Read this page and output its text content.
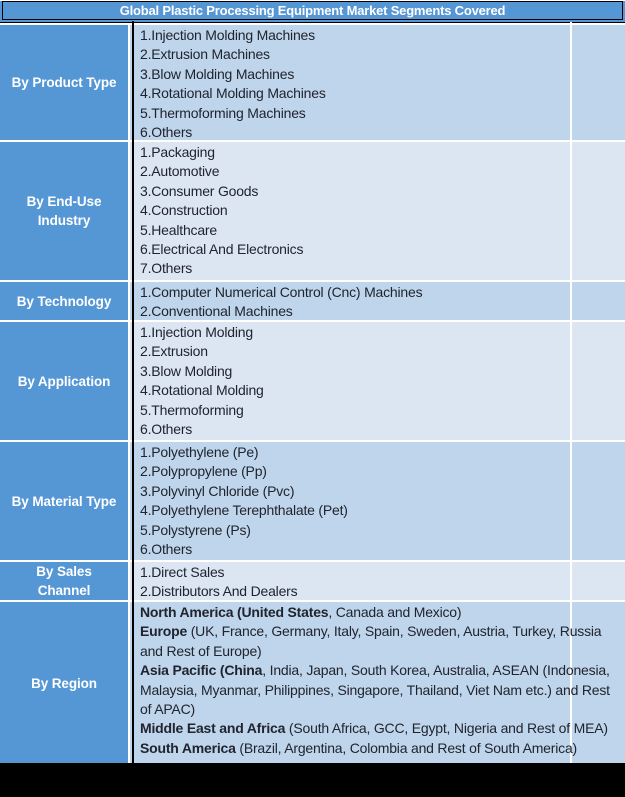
Global Plastic Processing Equipment Market Segments Covered
By Product Type
1.Injection Molding Machines
2.Extrusion Machines
3.Blow Molding Machines
4.Rotational Molding Machines
5.Thermoforming Machines
6.Others
By End-Use Industry
1.Packaging
2.Automotive
3.Consumer Goods
4.Construction
5.Healthcare
6.Electrical And Electronics
7.Others
By Technology
1.Computer Numerical Control (Cnc) Machines
2.Conventional Machines
By Application
1.Injection Molding
2.Extrusion
3.Blow Molding
4.Rotational Molding
5.Thermoforming
6.Others
By Material Type
1.Polyethylene (Pe)
2.Polypropylene (Pp)
3.Polyvinyl Chloride (Pvc)
4.Polyethylene Terephthalate (Pet)
5.Polystyrene (Ps)
6.Others
By Sales Channel
1.Direct Sales
2.Distributors And Dealers
By Region
North America (United States, Canada and Mexico)
Europe (UK, France, Germany, Italy, Spain, Sweden, Austria, Turkey, Russia
and Rest of Europe)
Asia Pacific (China, India, Japan, South Korea, Australia, ASEAN (Indonesia,
Malaysia, Myanmar, Philippines, Singapore, Thailand, Viet Nam etc.) and Rest
of APAC)
Middle East and Africa (South Africa, GCC, Egypt, Nigeria and Rest of MEA)
South America (Brazil, Argentina, Colombia and Rest of South America)
